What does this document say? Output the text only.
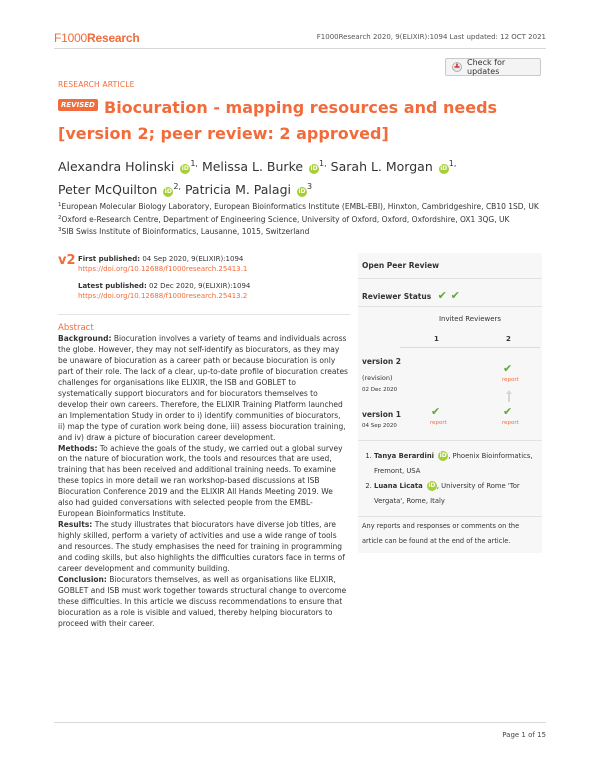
F1000Research	F1000Research 2020, 9(ELIXIR):1094 Last updated: 12 OCT 2021
RESEARCH ARTICLE
Check for updates
Biocuration - mapping resources and needs [version 2; peer review: 2 approved]
REVISED
Alexandra Holinski $iD^{1,}$ Melissa L. Burke $iD^{1,}$ Sarah L. Morgan $iD^{1,}$
Peter McQuilton $iD^{2,}$ Patricia M. Palagi $iD^3$
$^1$European Molecular Biology Laboratory, European Bioinformatics Institute (EMBL-EBI), Hinxton, Cambridgeshire, CB10 1SD, UK
$^2$Oxford e-Research Centre, Department of Engineering Science, University of Oxford, Oxford, Oxfordshire, OX1 3QG, UK
$^3$SIB Swiss Institute of Bioinformatics, Lausanne, 1015, Switzerland
v2 First published: 04 Sep 2020, 9(ELIXIR):1094
https://doi.org/10.12688/f1000research.25413.1
Latest published: 02 Dec 2020, 9(ELIXIR):1094
https://doi.org/10.12688/f1000research.25413.2
Abstract

Background: Biocuration involves a variety of teams and individuals across the globe. However, they may not self-identify as biocurators, as they may be unaware of biocuration as a career path or because biocuration is only part of their role. The lack of a clear, up-to-date profile of biocuration creates challenges for organisations like ELIXIR, the ISB and GOBLET to systematically support biocurators and for biocurators themselves to develop their own careers. Therefore, the ELIXIR Training Platform launched an Implementation Study in order to i) identify communities of biocurators, ii) map the type of curation work being done, iii) assess biocuration training, and iv) draw a picture of biocuration career development.

Methods: To achieve the goals of the study, we carried out a global survey on the nature of biocuration work, the tools and resources that are used, training that has been received and additional training needs. To examine these topics in more detail we ran workshop-based discussions at ISB Biocuration Conference 2019 and the ELIXIR All Hands Meeting 2019. We also had guided conversations with selected people from the EMBL-European Bioinformatics Institute.

Results: The study illustrates that biocurators have diverse job titles, are highly skilled, perform a variety of activities and use a wide range of tools and resources. The study emphasises the need for training in programming and coding skills, but also highlights the difficulties curators face in terms of career development and community building.

Conclusion: Biocurators themselves, as well as organisations like ELIXIR, GOBLET and ISB must work together towards structural change to overcome these difficulties. In this article we discuss recommendations to ensure that biocuration as a role is visible and valued, thereby helping biocurators to proceed with their career.

Open Peer Review
Reviewer Status  ✔ ✔
Invited Reviewers
1	2
version 2
(revision)
02 Dec 2020
✔
report
version 1
04 Sep 2020
✔
report
✔
report
1. Tanya Berardini iD, Phoenix Bioinformatics, Fremont, USA
2. Luana Licata iD, University of Rome 'Tor Vergata', Rome, Italy
Any reports and responses or comments on the article can be found at the end of the article.
Page 1 of 15
